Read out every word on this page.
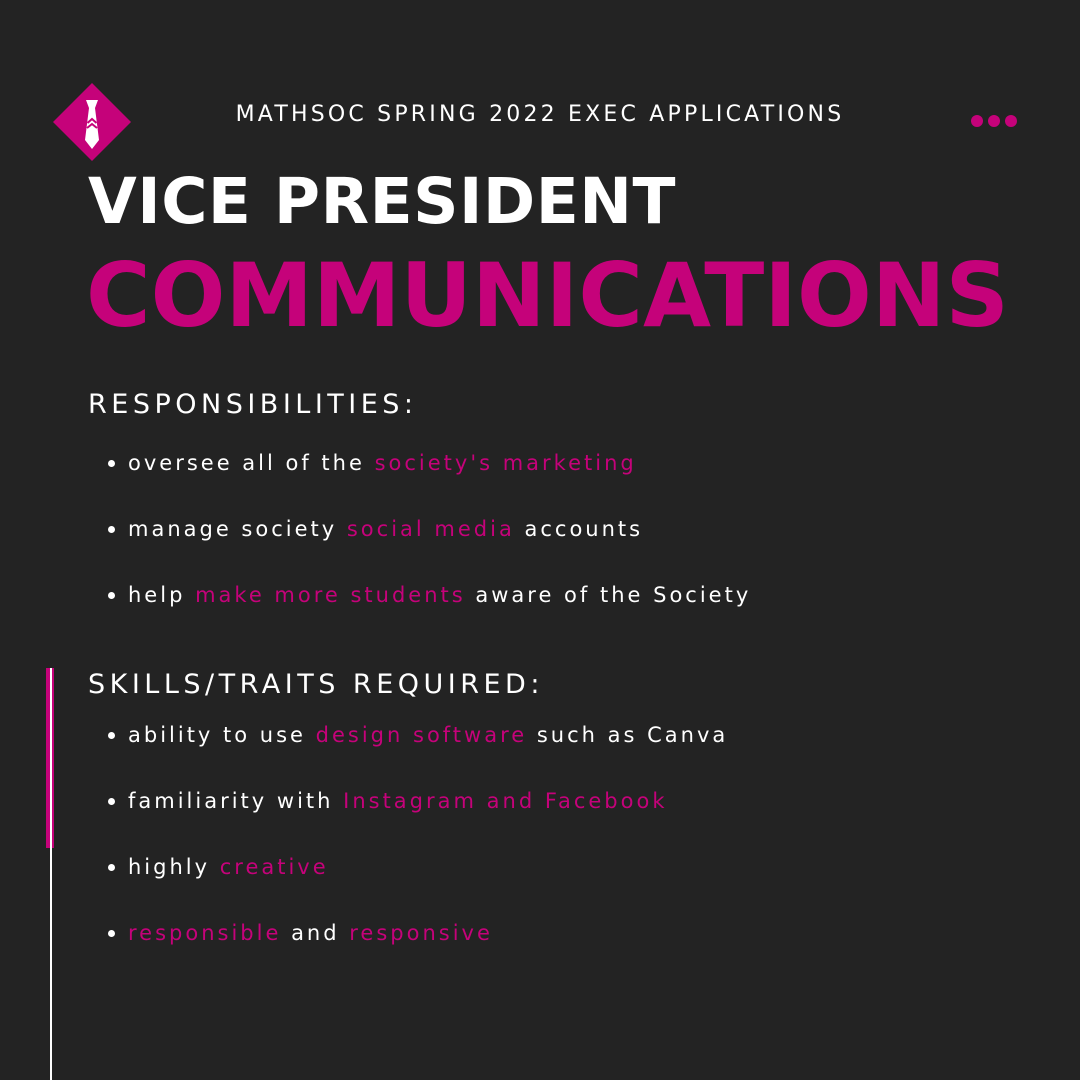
MATHSOC SPRING 2022 EXEC APPLICATIONS
VICE PRESIDENT
COMMUNICATIONS
RESPONSIBILITIES:
oversee all of the society's marketing
manage society social media accounts
help make more students aware of the Society
SKILLS/TRAITS REQUIRED:
ability to use design software such as Canva
familiarity with Instagram and Facebook
highly creative
responsible and responsive
